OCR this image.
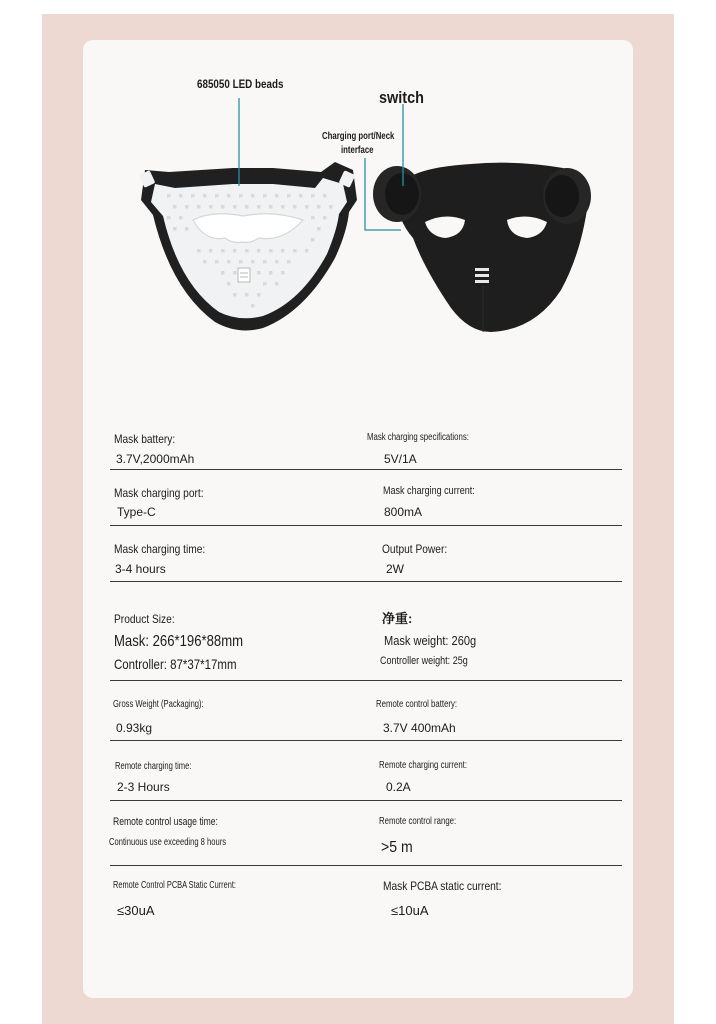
685050 LED beads
switch
Charging port/Neck
interface
Mask battery:
3.7V,2000mAh
Mask charging specifications:
5V/1A
Mask charging port:
Type-C
Mask charging current:
800mA
Mask charging time:
3-4 hours
Output Power:
2W
Product Size:
Mask: 266*196*88mm
Controller: 87*37*17mm
净重:
Mask weight: 260g
Controller weight: 25g
Gross Weight (Packaging):
0.93kg
Remote control battery:
3.7V 400mAh
Remote charging time:
2-3 Hours
Remote charging current:
0.2A
Remote control usage time:
Continuous use exceeding 8 hours
Remote control range:
>5 m
Remote Control PCBA Static Current:
≤30uA
Mask PCBA static current:
≤10uA
